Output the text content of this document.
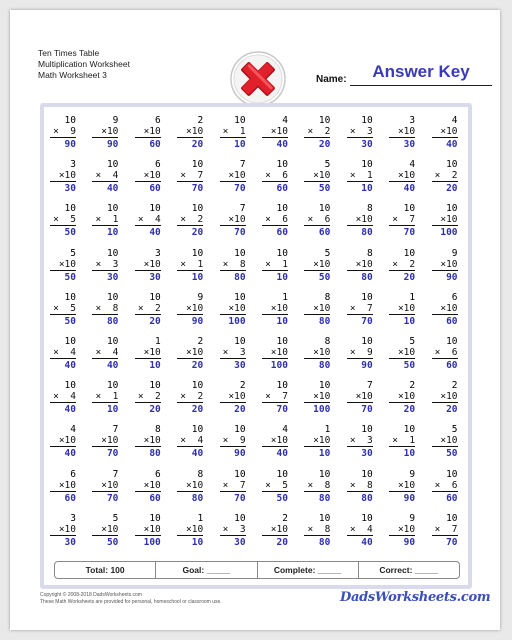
Ten Times Table
Multiplication Worksheet
Math Worksheet 3	Name:	Answer Key
10
×  9
90
9
×10
90
6
×10
60
2
×10
20
10
×  1
10
4
×10
40
10
×  2
20
10
×  3
30
3
×10
30
4
×10
40
3
×10
30
10
×  4
40
6
×10
60
10
×  7
70
7
×10
70
10
×  6
60
5
×10
50
10
×  1
10
4
×10
40
10
×  2
20
10
×  5
50
10
×  1
10
10
×  4
40
10
×  2
20
7
×10
70
10
×  6
60
10
×  6
60
8
×10
80
10
×  7
70
10
×10
100
5
×10
50
10
×  3
30
3
×10
30
10
×  1
10
10
×  8
80
10
×  1
10
5
×10
50
8
×10
80
10
×  2
20
9
×10
90
10
×  5
50
10
×  8
80
10
×  2
20
9
×10
90
10
×10
100
1
×10
10
8
×10
80
10
×  7
70
1
×10
10
6
×10
60
10
×  4
40
10
×  4
40
1
×10
10
2
×10
20
10
×  3
30
10
×10
100
8
×10
80
10
×  9
90
5
×10
50
10
×  6
60
10
×  4
40
10
×  1
10
10
×  2
20
10
×  2
20
2
×10
20
10
×  7
70
10
×10
100
7
×10
70
2
×10
20
2
×10
20
4
×10
40
7
×10
70
8
×10
80
10
×  4
40
10
×  9
90
4
×10
40
1
×10
10
10
×  3
30
10
×  1
10
5
×10
50
6
×10
60
7
×10
70
6
×10
60
8
×10
80
10
×  7
70
10
×  5
50
10
×  8
80
10
×  8
80
9
×10
90
10
×  6
60
3
×10
30
5
×10
50
10
×10
100
1
×10
10
10
×  3
30
2
×10
20
10
×  8
80
10
×  4
40
9
×10
90
10
×  7
70
Total: 100	Goal: _____	Complete: _____	Correct: _____
Copyright © 2008-2018 DadsWorksheets.com
These Math Worksheets are provided for personal, homeschool or classroom use.	DadsWorksheets.com
